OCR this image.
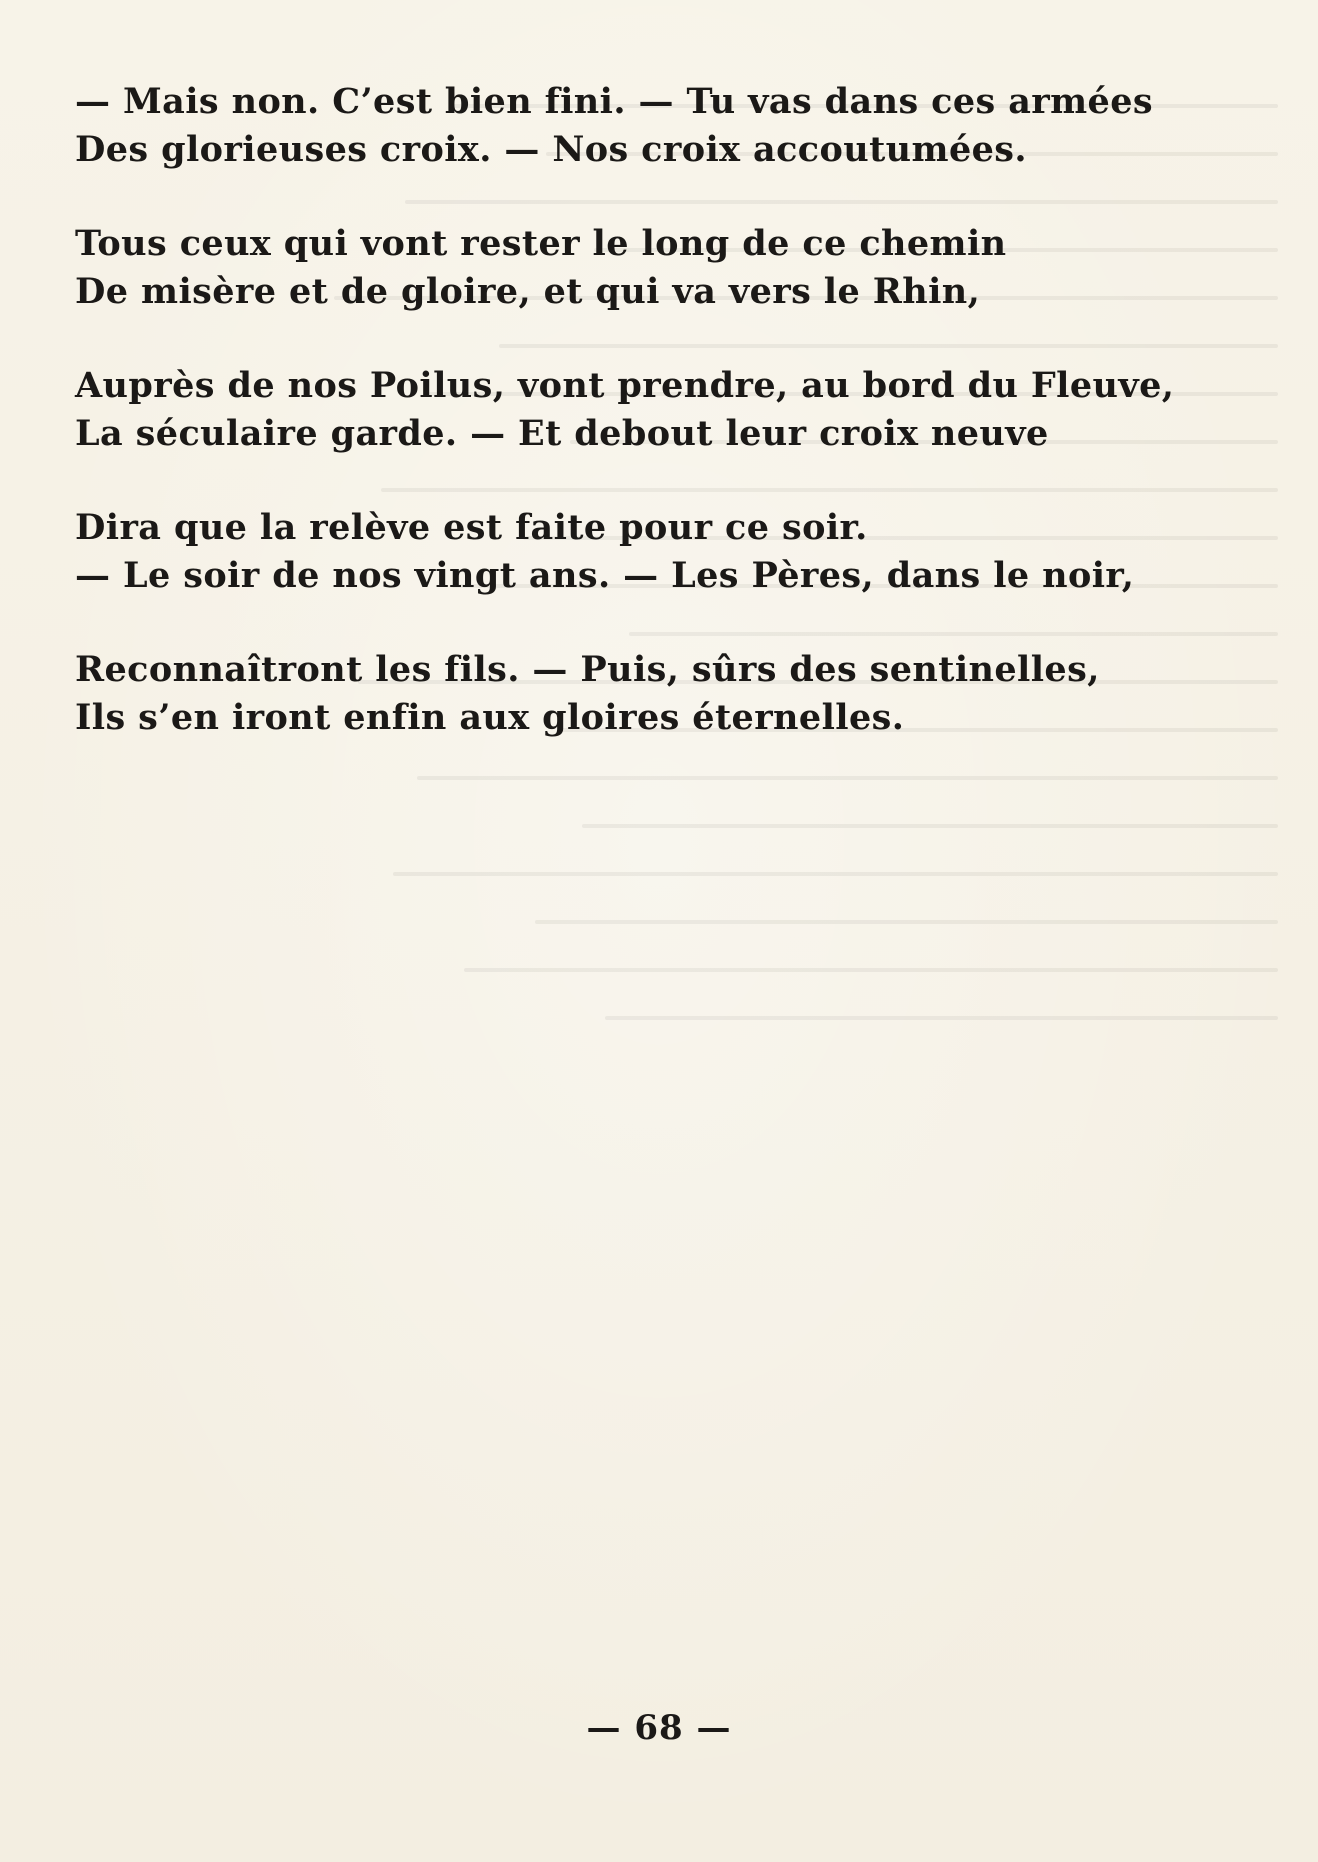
— Mais non. C’est bien fini. — Tu vas dans ces armées
Des glorieuses croix. — Nos croix accoutumées.
Tous ceux qui vont rester le long de ce chemin
De misère et de gloire, et qui va vers le Rhin,
Auprès de nos Poilus, vont prendre, au bord du Fleuve,
La séculaire garde. — Et debout leur croix neuve
Dira que la relève est faite pour ce soir.
— Le soir de nos vingt ans. — Les Pères, dans le noir,
Reconnaîtront les fils. — Puis, sûrs des sentinelles,
Ils s’en iront enfin aux gloires éternelles.
— 68 —
